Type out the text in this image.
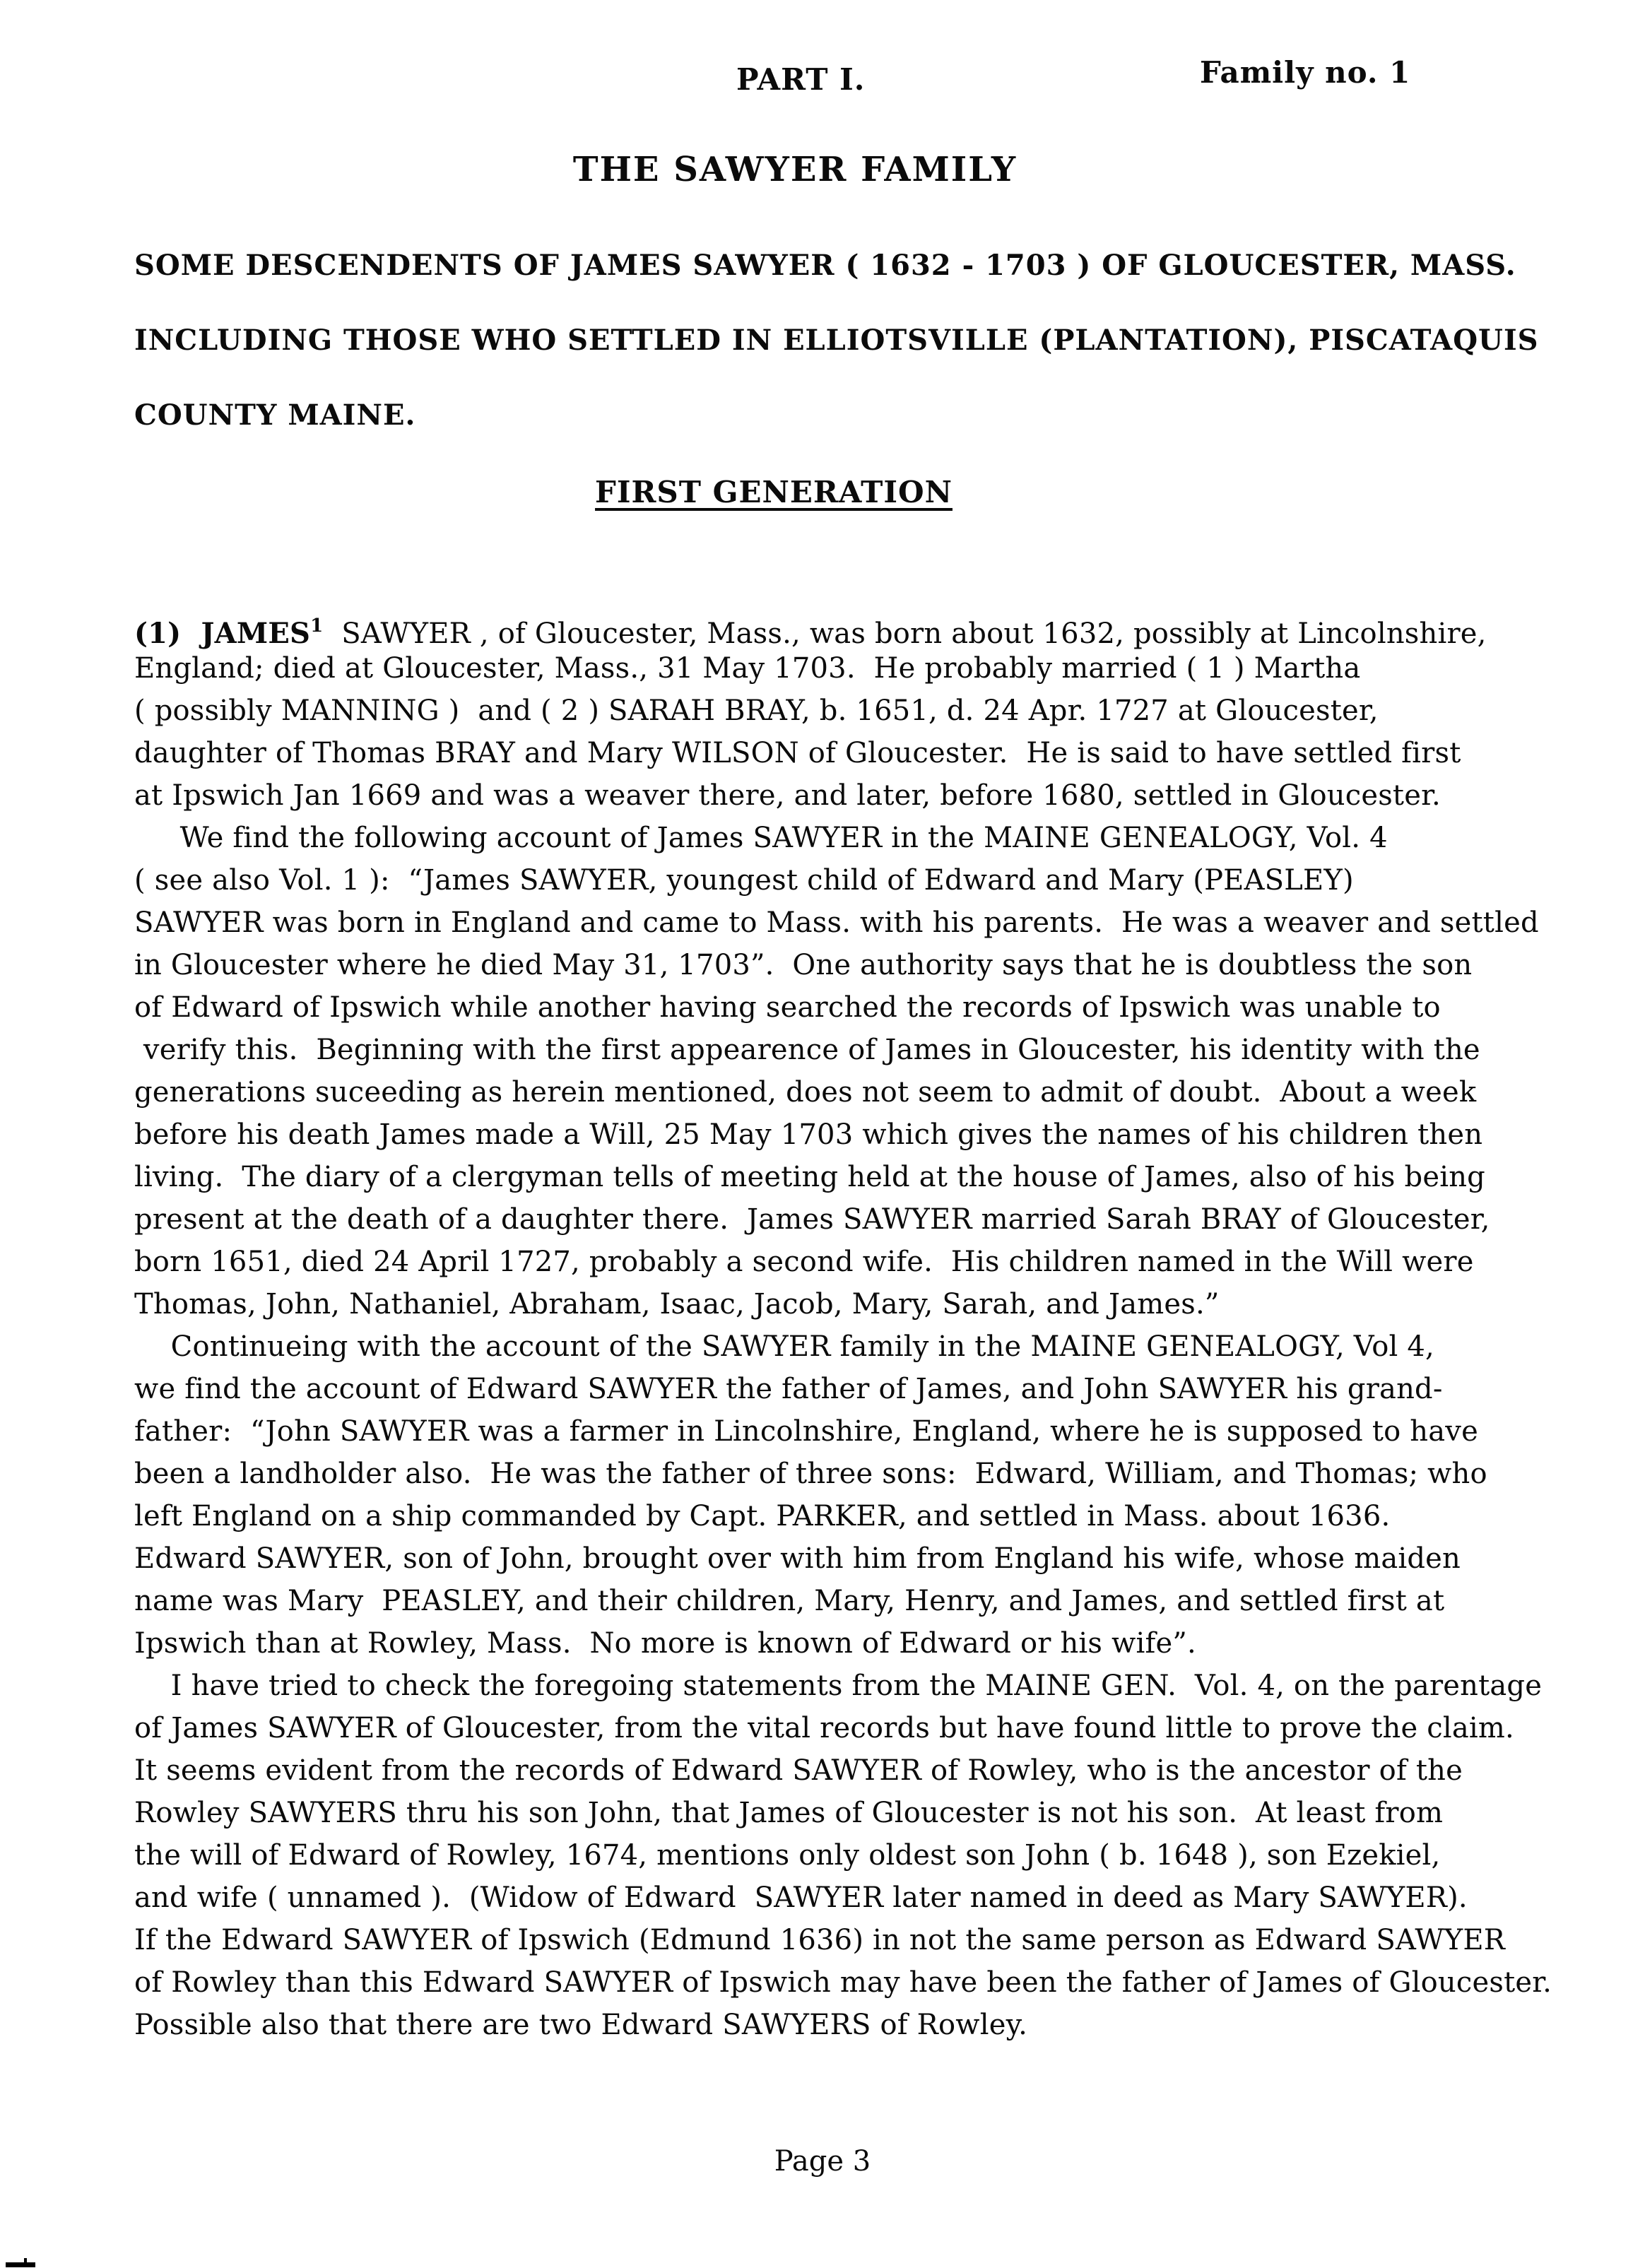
PART I.	Family no. 1
THE SAWYER FAMILY
SOME DESCENDENTS OF JAMES SAWYER ( 1632 - 1703 ) OF GLOUCESTER, MASS.
INCLUDING THOSE WHO SETTLED IN ELLIOTSVILLE (PLANTATION), PISCATAQUIS
COUNTY MAINE.
FIRST GENERATION
(1)  JAMES$^1$  SAWYER , of Gloucester, Mass., was born about 1632, possibly at Lincolnshire,
England; died at Gloucester, Mass., 31 May 1703.  He probably married ( 1 ) Martha
( possibly MANNING )  and ( 2 ) SARAH BRAY, b. 1651, d. 24 Apr. 1727 at Gloucester,
daughter of Thomas BRAY and Mary WILSON of Gloucester.  He is said to have settled first
at Ipswich Jan 1669 and was a weaver there, and later, before 1680, settled in Gloucester.
We find the following account of James SAWYER in the MAINE GENEALOGY, Vol. 4
( see also Vol. 1 ):  “James SAWYER, youngest child of Edward and Mary (PEASLEY)
SAWYER was born in England and came to Mass. with his parents.  He was a weaver and settled
in Gloucester where he died May 31, 1703”.  One authority says that he is doubtless the son
of Edward of Ipswich while another having searched the records of Ipswich was unable to
verify this.  Beginning with the first appearence of James in Gloucester, his identity with the
generations suceeding as herein mentioned, does not seem to admit of doubt.  About a week
before his death James made a Will, 25 May 1703 which gives the names of his children then
living.  The diary of a clergyman tells of meeting held at the house of James, also of his being
present at the death of a daughter there.  James SAWYER married Sarah BRAY of Gloucester,
born 1651, died 24 April 1727, probably a second wife.  His children named in the Will were
Thomas, John, Nathaniel, Abraham, Isaac, Jacob, Mary, Sarah, and James.”
Continueing with the account of the SAWYER family in the MAINE GENEALOGY, Vol 4,
we find the account of Edward SAWYER the father of James, and John SAWYER his grand-
father:  “John SAWYER was a farmer in Lincolnshire, England, where he is supposed to have
been a landholder also.  He was the father of three sons:  Edward, William, and Thomas; who
left England on a ship commanded by Capt. PARKER, and settled in Mass. about 1636.
Edward SAWYER, son of John, brought over with him from England his wife, whose maiden
name was Mary  PEASLEY, and their children, Mary, Henry, and James, and settled first at
Ipswich than at Rowley, Mass.  No more is known of Edward or his wife”.
I have tried to check the foregoing statements from the MAINE GEN.  Vol. 4, on the parentage
of James SAWYER of Gloucester, from the vital records but have found little to prove the claim.
It seems evident from the records of Edward SAWYER of Rowley, who is the ancestor of the
Rowley SAWYERS thru his son John, that James of Gloucester is not his son.  At least from
the will of Edward of Rowley, 1674, mentions only oldest son John ( b. 1648 ), son Ezekiel,
and wife ( unnamed ).  (Widow of Edward  SAWYER later named in deed as Mary SAWYER).
If the Edward SAWYER of Ipswich (Edmund 1636) in not the same person as Edward SAWYER
of Rowley than this Edward SAWYER of Ipswich may have been the father of James of Gloucester.
Possible also that there are two Edward SAWYERS of Rowley.
Page 3
